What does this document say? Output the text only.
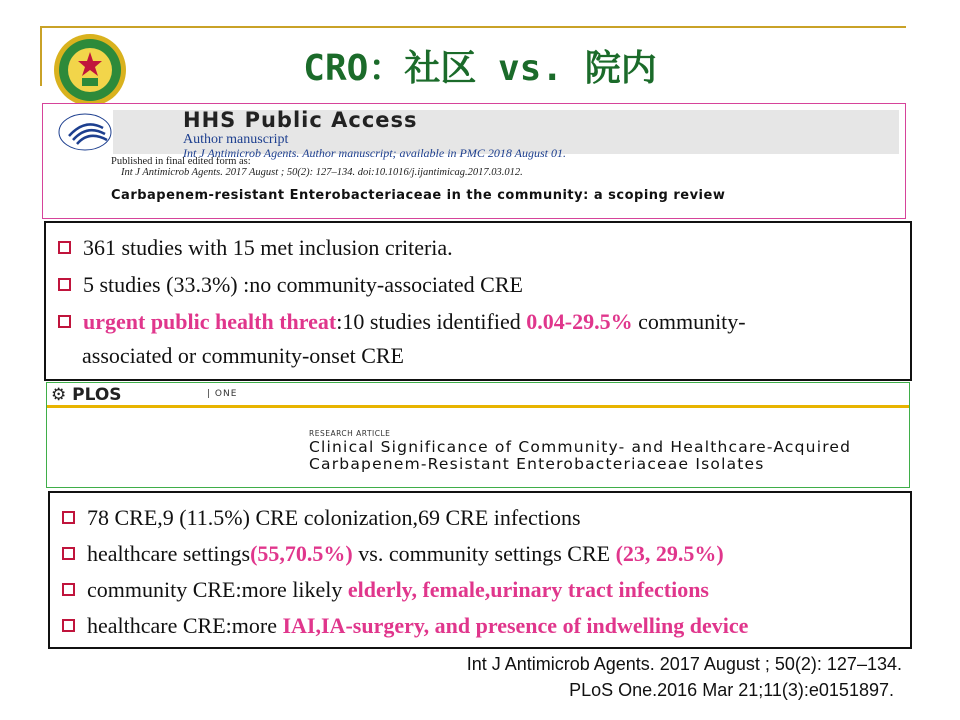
CRO：社区 vs. 院内
HHS Public Access
Author manuscript
Int J Antimicrob Agents. Author manuscript; available in PMC 2018 August 01.
Published in final edited form as:
Int J Antimicrob Agents. 2017 August ; 50(2): 127–134. doi:10.1016/j.ijantimicag.2017.03.012.
Carbapenem-resistant Enterobacteriaceae in the community: a scoping review
361 studies with 15 met inclusion criteria.
5 studies (33.3%) :no community-associated CRE
urgent public health threat:10 studies identified 0.04-29.5% community-
associated or community-onset CRE
⚙ PLOS	| ONE
RESEARCH ARTICLE
Clinical Significance of Community- and Healthcare-Acquired Carbapenem-Resistant Enterobacteriaceae Isolates
78 CRE,9 (11.5%) CRE colonization,69 CRE infections
healthcare settings(55,70.5%) vs. community settings CRE (23, 29.5%)
community CRE:more likely elderly, female,urinary tract infections
healthcare CRE:more IAI,IA-surgery, and presence of indwelling device
Int J Antimicrob Agents. 2017 August ; 50(2): 127–134.
PLoS One.2016 Mar 21;11(3):e0151897.
